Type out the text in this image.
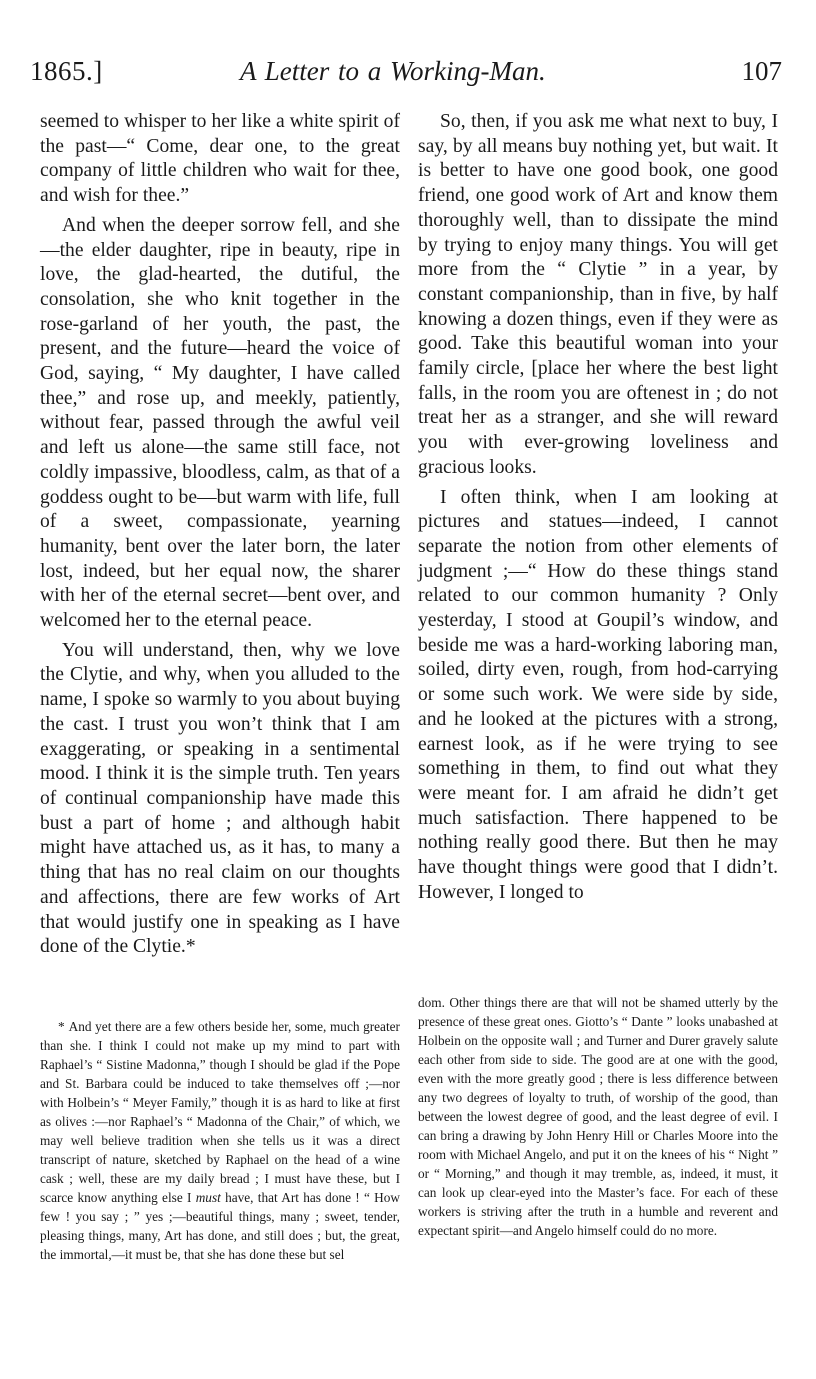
1865.]	A Letter to a Working-Man.	107

seemed to whisper to her like a white spirit of the past—“ Come, dear one, to the great company of little children who wait for thee, and wish for thee.”

And when the deeper sorrow fell, and she—the elder daughter, ripe in beauty, ripe in love, the glad-hearted, the dutiful, the consolation, she who knit together in the rose-garland of her youth, the past, the present, and the future—heard the voice of God, saying, “ My daughter, I have called thee,” and rose up, and meekly, patiently, without fear, passed through the awful veil and left us alone—the same still face, not coldly impassive, bloodless, calm, as that of a goddess ought to be—but warm with life, full of a sweet, compassionate, yearning humanity, bent over the later born, the later lost, indeed, but her equal now, the sharer with her of the eternal secret—bent over, and welcomed her to the eternal peace.

You will understand, then, why we love the Clytie, and why, when you alluded to the name, I spoke so warmly to you about buying the cast. I trust you won’t think that I am exaggerating, or speaking in a sentimental mood. I think it is the simple truth. Ten years of continual companionship have made this bust a part of home ; and although habit might have attached us, as it has, to many a thing that has no real claim on our thoughts and affections, there are few works of Art that would justify one in speaking as I have done of the Clytie.*

So, then, if you ask me what next to buy, I say, by all means buy nothing yet, but wait. It is better to have one good book, one good friend, one good work of Art and know them thoroughly well, than to dissipate the mind by trying to enjoy many things. You will get more from the “ Clytie ” in a year, by constant companionship, than in five, by half knowing a dozen things, even if they were as good. Take this beautiful woman into your family circle, [place her where the best light falls, in the room you are oftenest in ; do not treat her as a stranger, and she will reward you with ever-growing loveliness and gracious looks.

I often think, when I am looking at pictures and statues—indeed, I cannot separate the notion from other elements of judgment ;—“ How do these things stand related to our common humanity ? Only yesterday, I stood at Goupil’s window, and beside me was a hard-working laboring man, soiled, dirty even, rough, from hod-carrying or some such work. We were side by side, and he looked at the pictures with a strong, earnest look, as if he were trying to see something in them, to find out what they were meant for. I am afraid he didn’t get much satisfaction. There happened to be nothing really good there. But then he may have thought things were good that I didn’t. However, I longed to

* And yet there are a few others beside her, some, much greater than she. I think I could not make up my mind to part with Raphael’s “ Sistine Madonna,” though I should be glad if the Pope and St. Barbara could be induced to take themselves off ;—nor with Holbein’s “ Meyer Family,” though it is as hard to like at first as olives :—nor Raphael’s “ Madonna of the Chair,” of which, we may well believe tradition when she tells us it was a direct transcript of nature, sketched by Raphael on the head of a wine cask ; well, these are my daily bread ; I must have these, but I scarce know anything else I must have, that Art has done ! “ How few ! you say ; ” yes ;—beautiful things, many ; sweet, tender, pleasing things, many, Art has done, and still does ; but, the great, the immortal,—it must be, that she has done these but sel

dom. Other things there are that will not be shamed utterly by the presence of these great ones. Giotto’s “ Dante ” looks unabashed at Holbein on the opposite wall ; and Turner and Durer gravely salute each other from side to side. The good are at one with the good, even with the more greatly good ; there is less difference between any two degrees of loyalty to truth, of worship of the good, than between the lowest degree of good, and the least degree of evil. I can bring a drawing by John Henry Hill or Charles Moore into the room with Michael Angelo, and put it on the knees of his “ Night ” or “ Morning,” and though it may tremble, as, indeed, it must, it can look up clear-eyed into the Master’s face. For each of these workers is striving after the truth in a humble and reverent and expectant spirit—and Angelo himself could do no more.
